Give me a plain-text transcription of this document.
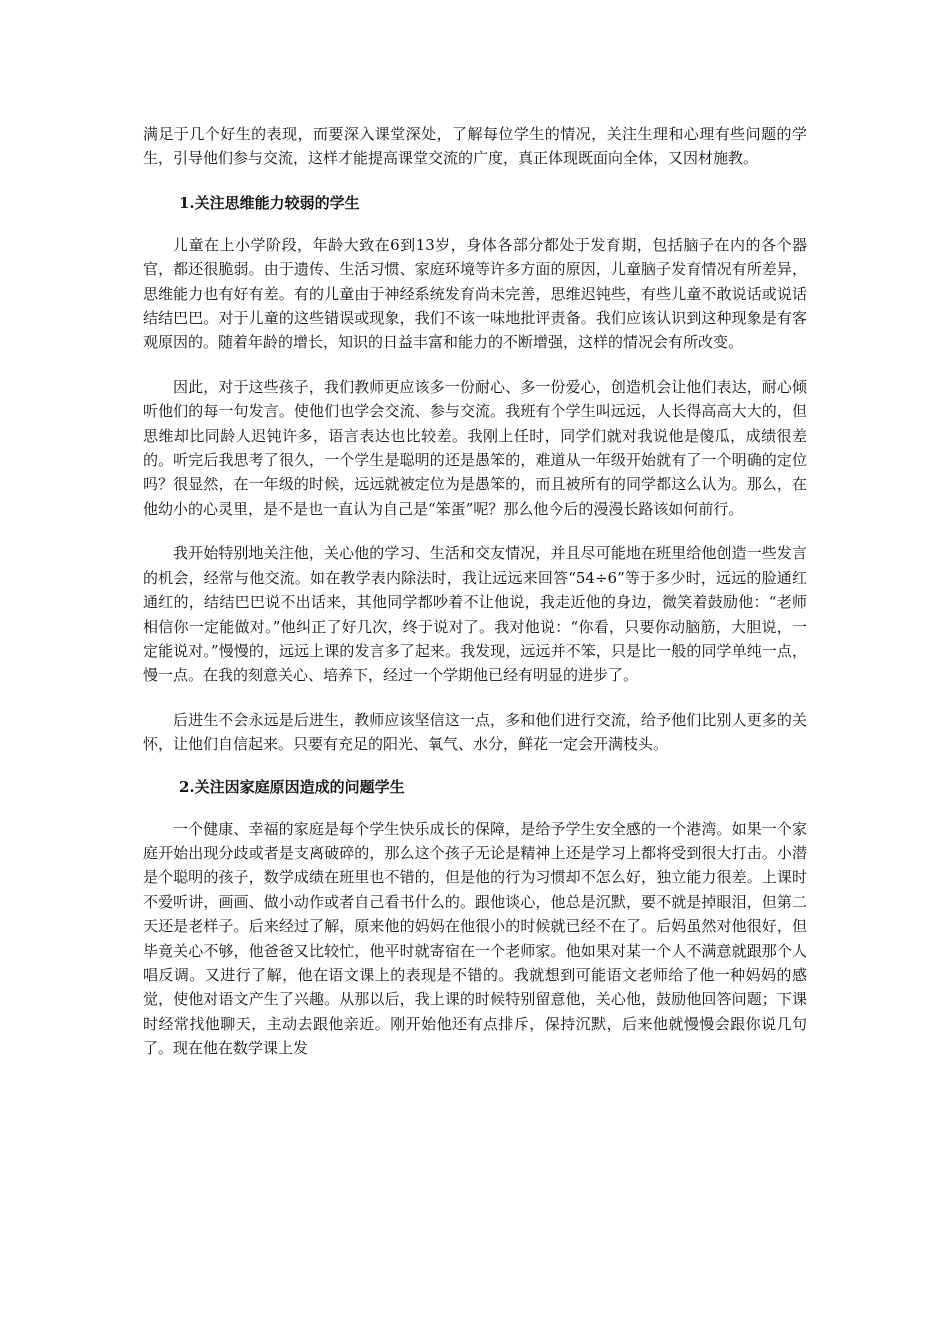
满足于几个好生的表现，而要深入课堂深处，了解每位学生的情况，关注生理和心理有些问题的学生，引导他们参与交流，这样才能提高课堂交流的广度，真正体现既面向全体，又因材施教。

1.关注思维能力较弱的学生

儿童在上小学阶段，年龄大致在6到13岁，身体各部分都处于发育期，包括脑子在内的各个器官，都还很脆弱。由于遗传、生活习惯、家庭环境等许多方面的原因，儿童脑子发育情况有所差异，思维能力也有好有差。有的儿童由于神经系统发育尚未完善，思维迟钝些，有些儿童不敢说话或说话结结巴巴。对于儿童的这些错误或现象，我们不该一味地批评责备。我们应该认识到这种现象是有客观原因的。随着年龄的增长，知识的日益丰富和能力的不断增强，这样的情况会有所改变。

因此，对于这些孩子，我们教师更应该多一份耐心、多一份爱心，创造机会让他们表达，耐心倾听他们的每一句发言。使他们也学会交流、参与交流。我班有个学生叫远远，人长得高高大大的，但思维却比同龄人迟钝许多，语言表达也比较差。我刚上任时，同学们就对我说他是傻瓜，成绩很差的。听完后我思考了很久，一个学生是聪明的还是愚笨的，难道从一年级开始就有了一个明确的定位吗？很显然，在一年级的时候，远远就被定位为是愚笨的，而且被所有的同学都这么认为。那么，在他幼小的心灵里，是不是也一直认为自己是“笨蛋”呢？那么他今后的漫漫长路该如何前行。

我开始特别地关注他，关心他的学习、生活和交友情况，并且尽可能地在班里给他创造一些发言的机会，经常与他交流。如在教学表内除法时，我让远远来回答“54÷6”等于多少时，远远的脸通红通红的，结结巴巴说不出话来，其他同学都吵着不让他说，我走近他的身边，微笑着鼓励他：“老师相信你一定能做对。”他纠正了好几次，终于说对了。我对他说：“你看，只要你动脑筋，大胆说，一定能说对。”慢慢的，远远上课的发言多了起来。我发现，远远并不笨，只是比一般的同学单纯一点，慢一点。在我的刻意关心、培养下，经过一个学期他已经有明显的进步了。

后进生不会永远是后进生，教师应该坚信这一点，多和他们进行交流，给予他们比别人更多的关怀，让他们自信起来。只要有充足的阳光、氧气、水分，鲜花一定会开满枝头。

2.关注因家庭原因造成的问题学生

一个健康、幸福的家庭是每个学生快乐成长的保障，是给予学生安全感的一个港湾。如果一个家庭开始出现分歧或者是支离破碎的，那么这个孩子无论是精神上还是学习上都将受到很大打击。小潜是个聪明的孩子，数学成绩在班里也不错的，但是他的行为习惯却不怎么好，独立能力很差。上课时不爱听讲，画画、做小动作或者自己看书什么的。跟他谈心，他总是沉默，要不就是掉眼泪，但第二天还是老样子。后来经过了解，原来他的妈妈在他很小的时候就已经不在了。后妈虽然对他很好，但毕竟关心不够，他爸爸又比较忙，他平时就寄宿在一个老师家。他如果对某一个人不满意就跟那个人唱反调。又进行了解，他在语文课上的表现是不错的。我就想到可能语文老师给了他一种妈妈的感觉，使他对语文产生了兴趣。从那以后，我上课的时候特别留意他，关心他，鼓励他回答问题；下课时经常找他聊天，主动去跟他亲近。刚开始他还有点排斥，保持沉默，后来他就慢慢会跟你说几句了。现在他在数学课上发
